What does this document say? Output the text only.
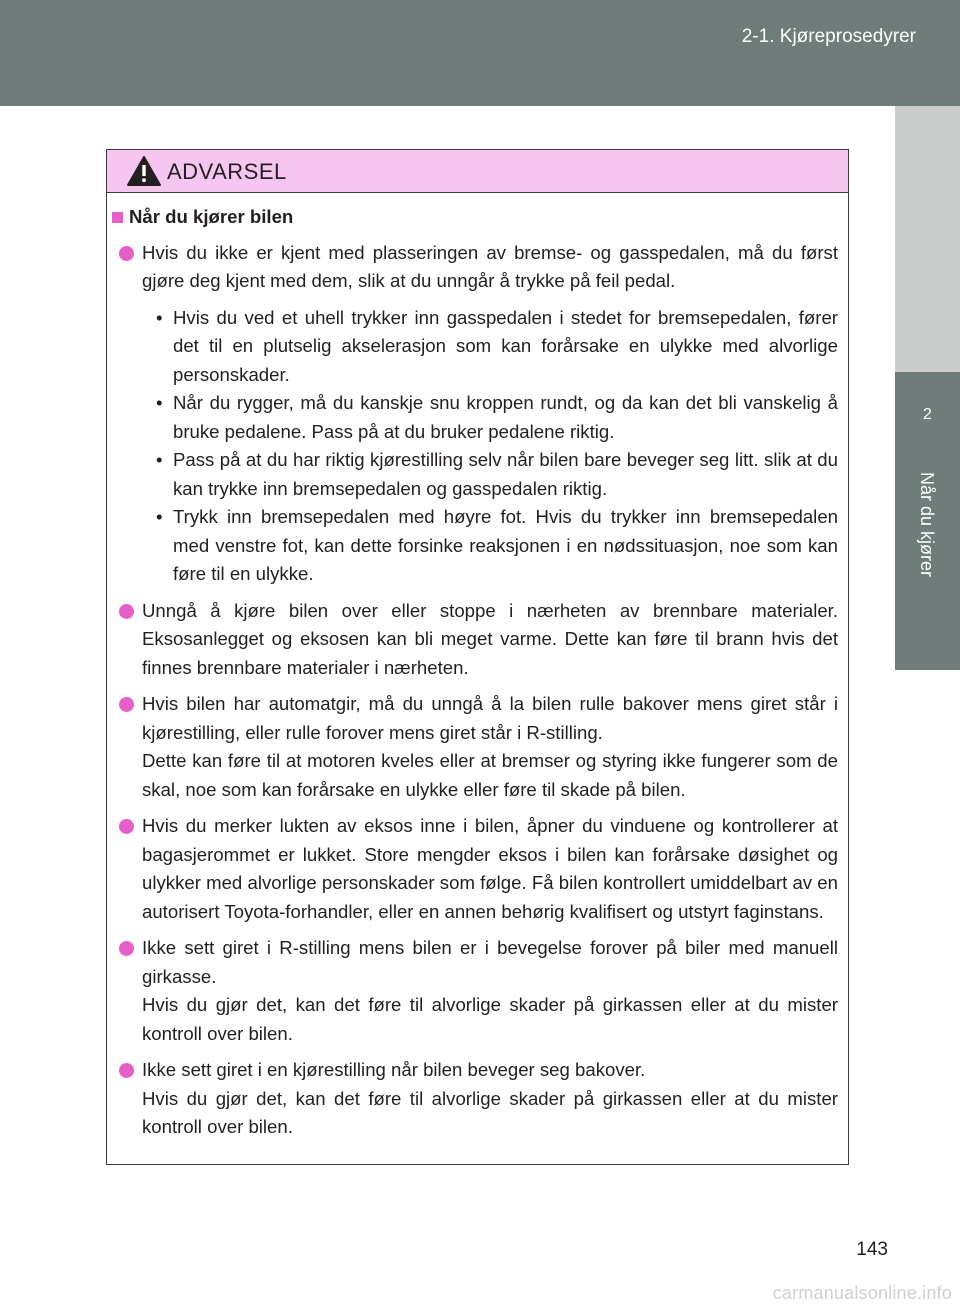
2-1. Kjøreprosedyrer
2
Når du kjører
ADVARSEL
Når du kjører bilen
Hvis du ikke er kjent med plasseringen av bremse- og gasspedalen, må du først gjøre deg kjent med dem, slik at du unngår å trykke på feil pedal.
• Hvis du ved et uhell trykker inn gasspedalen i stedet for bremsepedalen, fører det til en plutselig akselerasjon som kan forårsake en ulykke med alvorlige personskader.
• Når du rygger, må du kanskje snu kroppen rundt, og da kan det bli vanskelig å bruke pedalene. Pass på at du bruker pedalene riktig.
• Pass på at du har riktig kjørestilling selv når bilen bare beveger seg litt. slik at du kan trykke inn bremsepedalen og gasspedalen riktig.
• Trykk inn bremsepedalen med høyre fot. Hvis du trykker inn bremsepedalen med venstre fot, kan dette forsinke reaksjonen i en nødssituasjon, noe som kan føre til en ulykke.
Unngå å kjøre bilen over eller stoppe i nærheten av brennbare materialer. Eksosanlegget og eksosen kan bli meget varme. Dette kan føre til brann hvis det finnes brennbare materialer i nærheten.
Hvis bilen har automatgir, må du unngå å la bilen rulle bakover mens giret står i kjørestilling, eller rulle forover mens giret står i R-stilling.
Dette kan føre til at motoren kveles eller at bremser og styring ikke fungerer som de skal, noe som kan forårsake en ulykke eller føre til skade på bilen.
Hvis du merker lukten av eksos inne i bilen, åpner du vinduene og kontrollerer at bagasjerommet er lukket. Store mengder eksos i bilen kan forårsake døsighet og ulykker med alvorlige personskader som følge. Få bilen kontrollert umiddelbart av en autorisert Toyota-forhandler, eller en annen behørig kvalifisert og utstyrt faginstans.
Ikke sett giret i R-stilling mens bilen er i bevegelse forover på biler med manuell girkasse.
Hvis du gjør det, kan det føre til alvorlige skader på girkassen eller at du mister kontroll over bilen.
Ikke sett giret i en kjørestilling når bilen beveger seg bakover.
Hvis du gjør det, kan det føre til alvorlige skader på girkassen eller at du mister kontroll over bilen.
143
carmanualsonline.info
